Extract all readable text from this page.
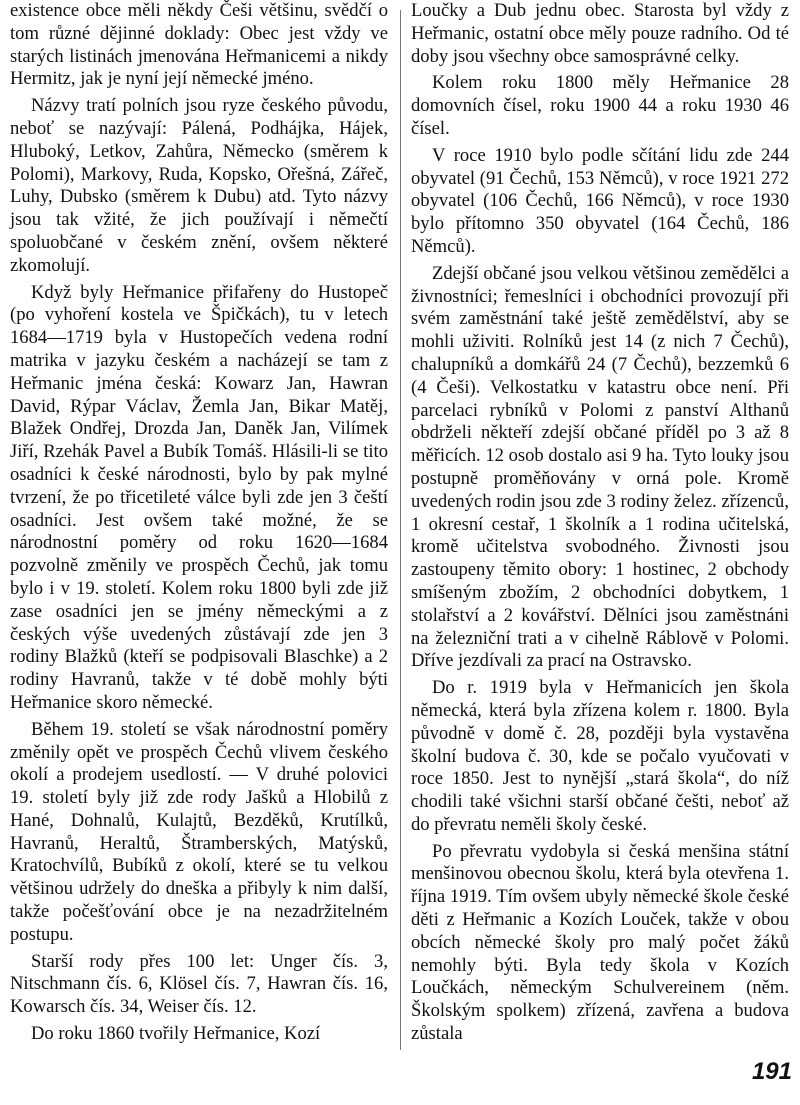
existence obce měli někdy Češi většinu, svědčí o tom různé dějinné doklady: Obec jest vždy ve starých listinách jmenována Heřmanicemi a nikdy Hermitz, jak je nyní její německé jméno.

Názvy tratí polních jsou ryze českého původu, neboť se nazývají: Pálená, Podhájka, Hájek, Hluboký, Letkov, Zahůra, Německo (směrem k Polomi), Markovy, Ruda, Kopsko, Ořešná, Zářeč, Luhy, Dubsko (směrem k Dubu) atd. Tyto názvy jsou tak vžité, že jich používají i němečtí spoluobčané v českém znění, ovšem některé zkomolují.

Když byly Heřmanice přifařeny do Hustopeč (po vyhoření kostela ve Špičkách), tu v letech 1684—1719 byla v Hustopečích vedena rodní matrika v jazyku českém a nacházejí se tam z Heřmanic jména česká: Kowarz Jan, Hawran David, Rýpar Václav, Žemla Jan, Bikar Matěj, Blažek Ondřej, Drozda Jan, Daněk Jan, Vilímek Jiří, Rzehák Pavel a Bubík Tomáš. Hlásili-li se tito osadníci k české národnosti, bylo by pak mylné tvrzení, že po třicetileté válce byli zde jen 3 čeští osadníci. Jest ovšem také možné, že se národnostní poměry od roku 1620—1684 pozvolně změnily ve prospěch Čechů, jak tomu bylo i v 19. století. Kolem roku 1800 byli zde již zase osadníci jen se jmény německými a z českých výše uvedených zůstávají zde jen 3 rodiny Blažků (kteří se podpisovali Blaschke) a 2 rodiny Havranů, takže v té době mohly býti Heřmanice skoro německé.

Během 19. století se však národnostní poměry změnily opět ve prospěch Čechů vlivem českého okolí a prodejem usedlostí. — V druhé polovici 19. století byly již zde rody Jašků a Hlobilů z Hané, Dohnalů, Kulajtů, Bezděků, Krutílků, Havranů, Heraltů, Štramberských, Matýsků, Kratochvílů, Bubíků z okolí, které se tu velkou většinou udržely do dneška a přibyly k nim další, takže počešťování obce je na nezadržitelném postupu.

Starší rody přes 100 let: Unger čís. 3, Nitschmann čís. 6, Klösel čís. 7, Hawran čís. 16, Kowarsch čís. 34, Weiser čís. 12.

Do roku 1860 tvořily Heřmanice, Kozí

Loučky a Dub jednu obec. Starosta byl vždy z Heřmanic, ostatní obce měly pouze radního. Od té doby jsou všechny obce samosprávné celky.

Kolem roku 1800 měly Heřmanice 28 domovních čísel, roku 1900 44 a roku 1930 46 čísel.

V roce 1910 bylo podle sčítání lidu zde 244 obyvatel (91 Čechů, 153 Němců), v roce 1921 272 obyvatel (106 Čechů, 166 Němců), v roce 1930 bylo přítomno 350 obyvatel (164 Čechů, 186 Němců).

Zdejší občané jsou velkou většinou zemědělci a živnostníci; řemeslníci i obchodníci provozují při svém zaměstnání také ještě zemědělství, aby se mohli uživiti. Rolníků jest 14 (z nich 7 Čechů), chalupníků a domkářů 24 (7 Čechů), bezzemků 6 (4 Češi). Velkostatku v katastru obce není. Při parcelaci rybníků v Polomi z panství Althanů obdrželi někteří zdejší občané příděl po 3 až 8 měřicích. 12 osob dostalo asi 9 ha. Tyto louky jsou postupně proměňovány v orná pole. Kromě uvedených rodin jsou zde 3 rodiny želez. zřízenců, 1 okresní cestař, 1 školník a 1 rodina učitelská, kromě učitelstva svobodného. Živnosti jsou zastoupeny těmito obory: 1 hostinec, 2 obchody smíšeným zbožím, 2 obchodníci dobytkem, 1 stolařství a 2 kovářství. Dělníci jsou zaměstnáni na železniční trati a v cihelně Ráblově v Polomi. Dříve jezdívali za prací na Ostravsko.

Do r. 1919 byla v Heřmanicích jen škola německá, která byla zřízena kolem r. 1800. Byla původně v domě č. 28, později byla vystavěna školní budova č. 30, kde se počalo vyučovati v roce 1850. Jest to nynější „stará škola“, do níž chodili také všichni starší občané češti, neboť až do převratu neměli školy české.

Po převratu vydobyla si česká menšina státní menšinovou obecnou školu, která byla otevřena 1. října 1919. Tím ovšem ubyly německé škole české děti z Heřmanic a Kozích Louček, takže v obou obcích německé školy pro malý počet žáků nemohly býti. Byla tedy škola v Kozích Loučkách, německým Schulvereinem (něm. Školským spolkem) zřízená, zavřena a budova zůstala

191
